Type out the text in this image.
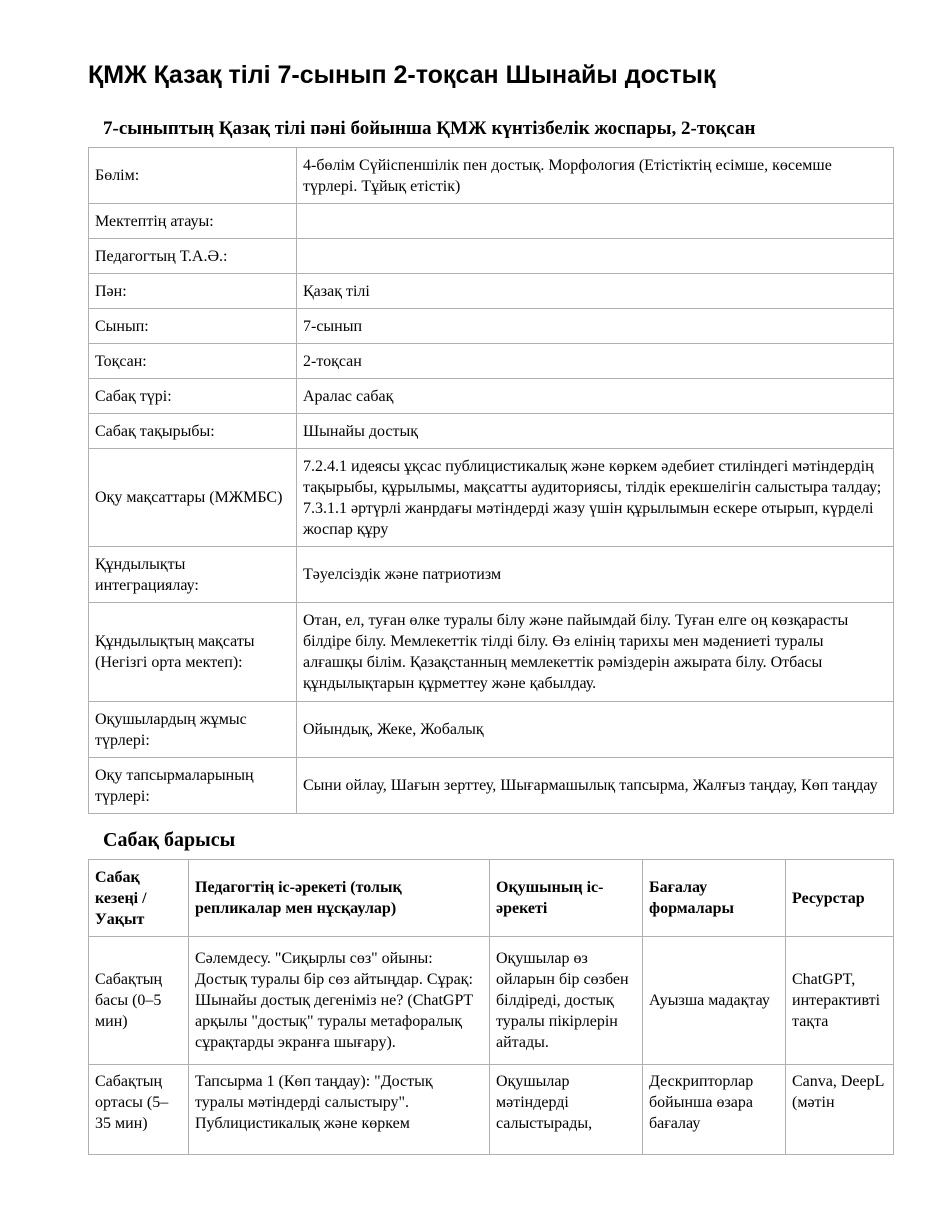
ҚМЖ Қазақ тілі 7-сынып 2-тоқсан Шынайы достық
7-сыныптың Қазақ тілі пәні бойынша ҚМЖ күнтізбелік жоспары, 2-тоқсан
Бөлім:	4-бөлім Сүйіспеншілік пен достық. Морфология (Етістіктің есімше, көсемше түрлері. Тұйық етістік)
Мектептің атауы:	
Педагогтың Т.А.Ә.:	
Пән:	Қазақ тілі
Сынып:	7-сынып
Тоқсан:	2-тоқсан
Сабақ түрі:	Аралас сабақ
Сабақ тақырыбы:	Шынайы достық
Оқу мақсаттары (МЖМБС)	7.2.4.1 идеясы ұқсас публицистикалық және көркем әдебиет стиліндегі мәтіндердің тақырыбы, құрылымы, мақсатты аудиториясы, тілдік ерекшелігін салыстыра талдау; 7.3.1.1 әртүрлі жанрдағы мәтіндерді жазу үшін құрылымын ескере отырып, күрделі жоспар құру
Құндылықты интеграциялау:	Тәуелсіздік және патриотизм
Құндылықтың мақсаты (Негізгі орта мектеп):	Отан, ел, туған өлке туралы білу және пайымдай білу. Туған елге оң көзқарасты білдіре білу. Мемлекеттік тілді білу. Өз елінің тарихы мен мәдениеті туралы алғашқы білім. Қазақстанның мемлекеттік рәміздерін ажырата білу. Отбасы құндылықтарын құрметтеу және қабылдау.
Оқушылардың жұмыс түрлері:	Ойындық, Жеке, Жобалық
Оқу тапсырмаларының түрлері:	Сыни ойлау, Шағын зерттеу, Шығармашылық тапсырма, Жалғыз таңдау, Көп таңдау
Сабақ барысы
Сабақ кезеңі / Уақыт	Педагогтің іс-әрекеті (толық репликалар мен нұсқаулар)	Оқушының іс-әрекеті	Бағалау формалары	Ресурстар
Сабақтың басы (0–5 мин)	Сәлемдесу. "Сиқырлы сөз" ойыны: Достық туралы бір сөз айтыңдар. Сұрақ: Шынайы достық дегеніміз не? (ChatGPT арқылы "достық" туралы метафоралық сұрақтарды экранға шығару).	Оқушылар өз ойларын бір сөзбен білдіреді, достық туралы пікірлерін айтады.	Ауызша мадақтау	ChatGPT, интерактивті тақта
Сабақтың ортасы (5–35 мин)	Тапсырма 1 (Көп таңдау): "Достық туралы мәтіндерді салыстыру". Публицистикалық және көркем	Оқушылар мәтіндерді салыстырады,	Дескрипторлар бойынша өзара бағалау	Canva, DeepL (мәтін
